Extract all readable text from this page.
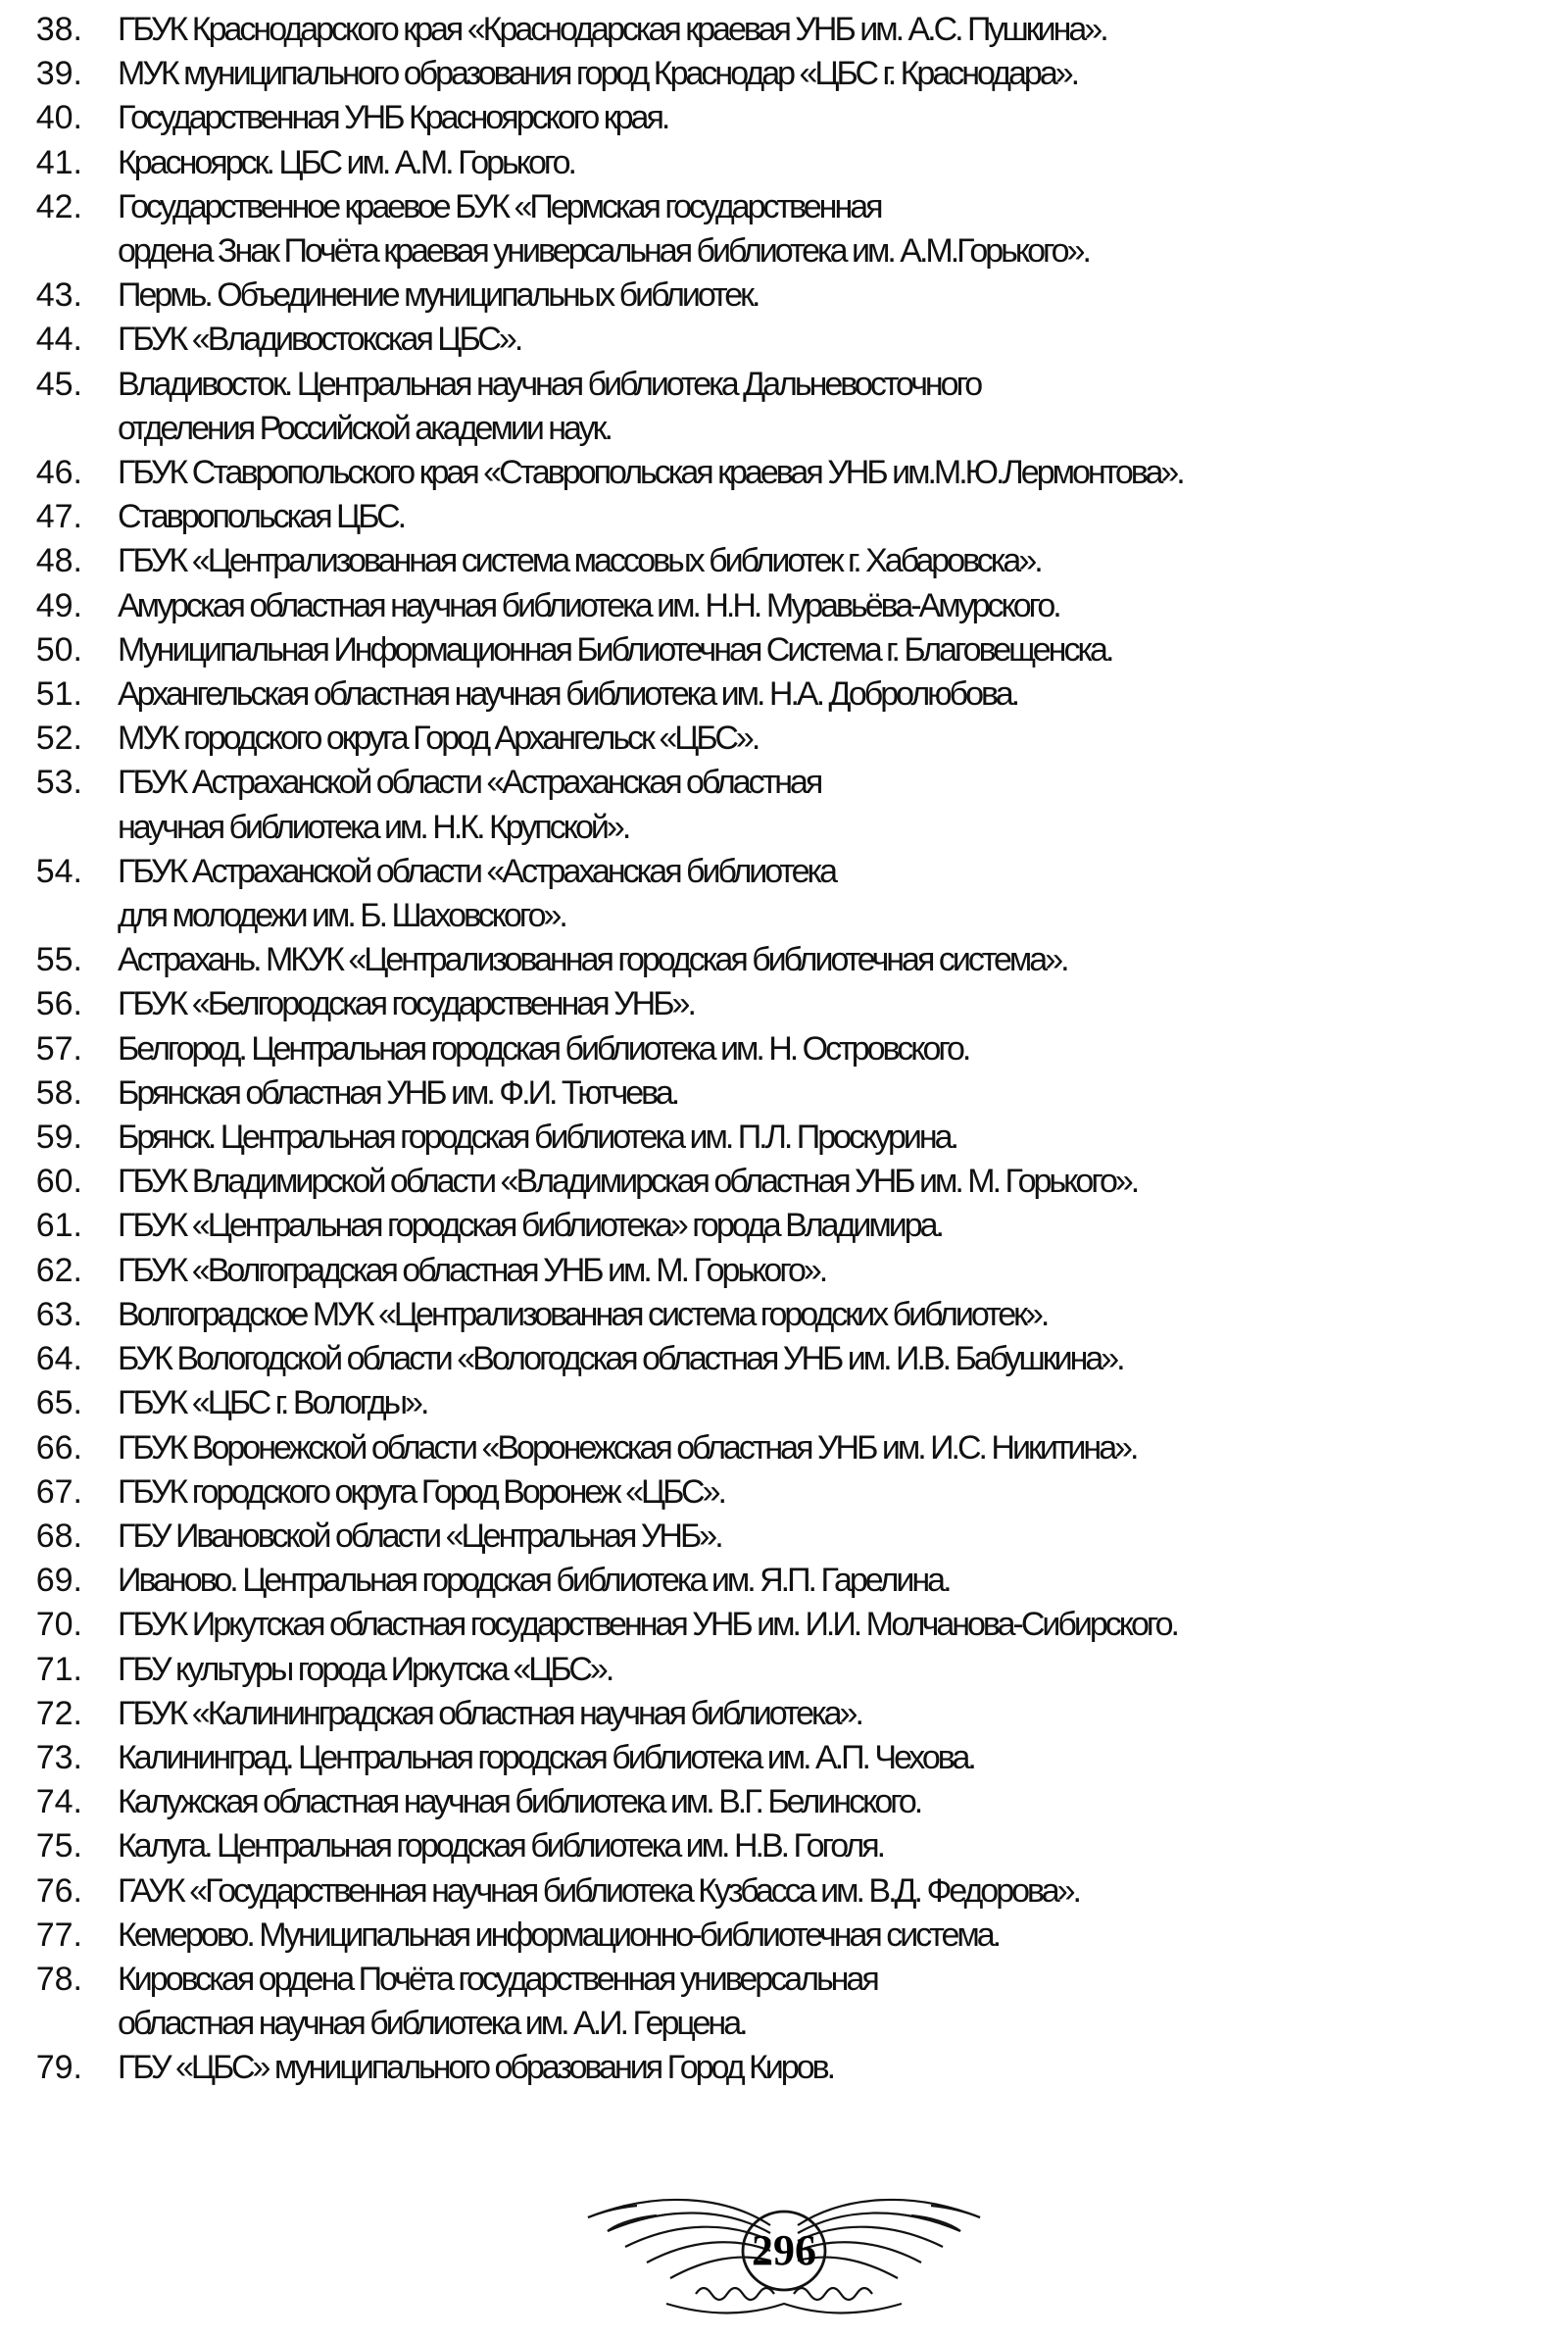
38. ГБУК Краснодарского края «Краснодарская краевая УНБ им. А.С. Пушкина».
39. МУК муниципального образования город Краснодар «ЦБС г. Краснодара».
40. Государственная УНБ Красноярского края.
41. Красноярск. ЦБС им. А.М. Горького.
42. Государственное краевое БУК «Пермская государственная
ордена Знак Почёта краевая универсальная библиотека им. А.М.Горького».
43. Пермь. Объединение муниципальных библиотек.
44. ГБУК «Владивостокская ЦБС».
45. Владивосток. Центральная научная библиотека Дальневосточного
отделения Российской академии наук.
46. ГБУК Ставропольского края «Ставропольская краевая УНБ им.М.Ю.Лермонтова».
47. Ставропольская ЦБС.
48. ГБУК «Централизованная система массовых библиотек г. Хабаровска».
49. Амурская областная научная библиотека им. Н.Н. Муравьёва-Амурского.
50. Муниципальная Информационная Библиотечная Система г. Благовещенска.
51. Архангельская областная научная библиотека им. Н.А. Добролюбова.
52. МУК городского округа Город Архангельск «ЦБС».
53. ГБУК Астраханской области «Астраханская областная
научная библиотека им. Н.К. Крупской».
54. ГБУК Астраханской области «Астраханская библиотека
для молодежи им. Б. Шаховского».
55. Астрахань. МКУК «Централизованная городская библиотечная система».
56. ГБУК «Белгородская государственная УНБ».
57. Белгород. Центральная городская библиотека им. Н. Островского.
58. Брянская областная УНБ им. Ф.И. Тютчева.
59. Брянск. Центральная городская библиотека им. П.Л. Проскурина.
60. ГБУК Владимирской области «Владимирская областная УНБ им. М. Горького».
61. ГБУК «Центральная городская библиотека» города Владимира.
62. ГБУК «Волгоградская областная УНБ им. М. Горького».
63. Волгоградское МУК «Централизованная система городских библиотек».
64. БУК Вологодской области «Вологодская областная УНБ им. И.В. Бабушкина».
65. ГБУК «ЦБС г. Вологды».
66. ГБУК Воронежской области «Воронежская областная УНБ им. И.С. Никитина».
67. ГБУК городского округа Город Воронеж «ЦБС».
68. ГБУ Ивановской области «Центральная УНБ».
69. Иваново. Центральная городская библиотека им. Я.П. Гарелина.
70. ГБУК Иркутская областная государственная УНБ им. И.И. Молчанова-Сибирского.
71. ГБУ культуры города Иркутска «ЦБС».
72. ГБУК «Калининградская областная научная библиотека».
73. Калининград. Центральная городская библиотека им. А.П. Чехова.
74. Калужская областная научная библиотека им. В.Г. Белинского.
75. Калуга. Центральная городская библиотека им. Н.В. Гоголя.
76. ГАУК «Государственная научная библиотека Кузбасса им. В.Д. Федорова».
77. Кемерово. Муниципальная информационно-библиотечная система.
78. Кировская ордена Почёта государственная универсальная
областная научная библиотека им. А.И. Герцена.
79. ГБУ «ЦБС» муниципального образования Город Киров.
296
